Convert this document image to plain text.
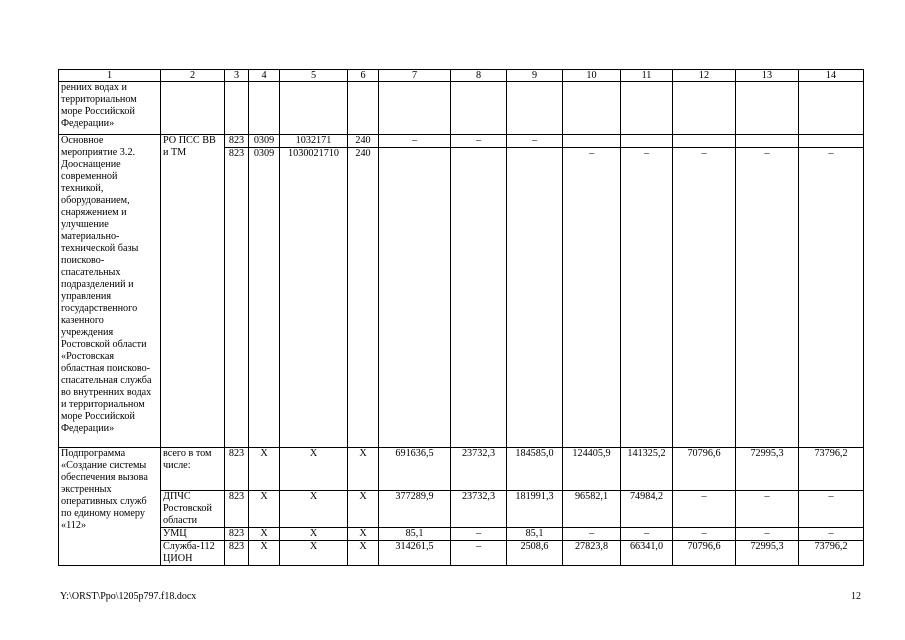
1	2	3	4	5	6	7	8	9	10	11	12	13	14
рениих водах и территориальном море Российской Федерации»													
Основное мероприятие 3.2. Дооснащение современной техникой, оборудованием, снаряжением и улучшение материально-технической базы поисково-спасательных подразделений и управления государственного казенного учреждения Ростовской области «Ростовская областная поисково-спасательная служба во внутренних водах и территориальном море Российской Федерации»	РО ПСС ВВ и ТМ	823	0309	1032171	240	–	–	–					
		823	0309	1030021710	240				–	–	–	–	–
Подпрограмма «Создание системы обеспечения вызова экстренных оперативных служб по единому номеру «112»	всего в том числе:	823	Х	Х	Х	691636,5	23732,3	184585,0	124405,9	141325,2	70796,6	72995,3	73796,2
	ДПЧС Ростовской области	823	Х	Х	Х	377289,9	23732,3	181991,3	96582,1	74984,2	–	–	–
	УМЦ	823	Х	Х	Х	85,1	–	85,1	–	–	–	–	–
	Служба-112 ЦИОН	823	Х	Х	Х	314261,5	–	2508,6	27823,8	66341,0	70796,6	72995,3	73796,2
Y:\ORST\Ppo\1205p797.f18.docx	12
